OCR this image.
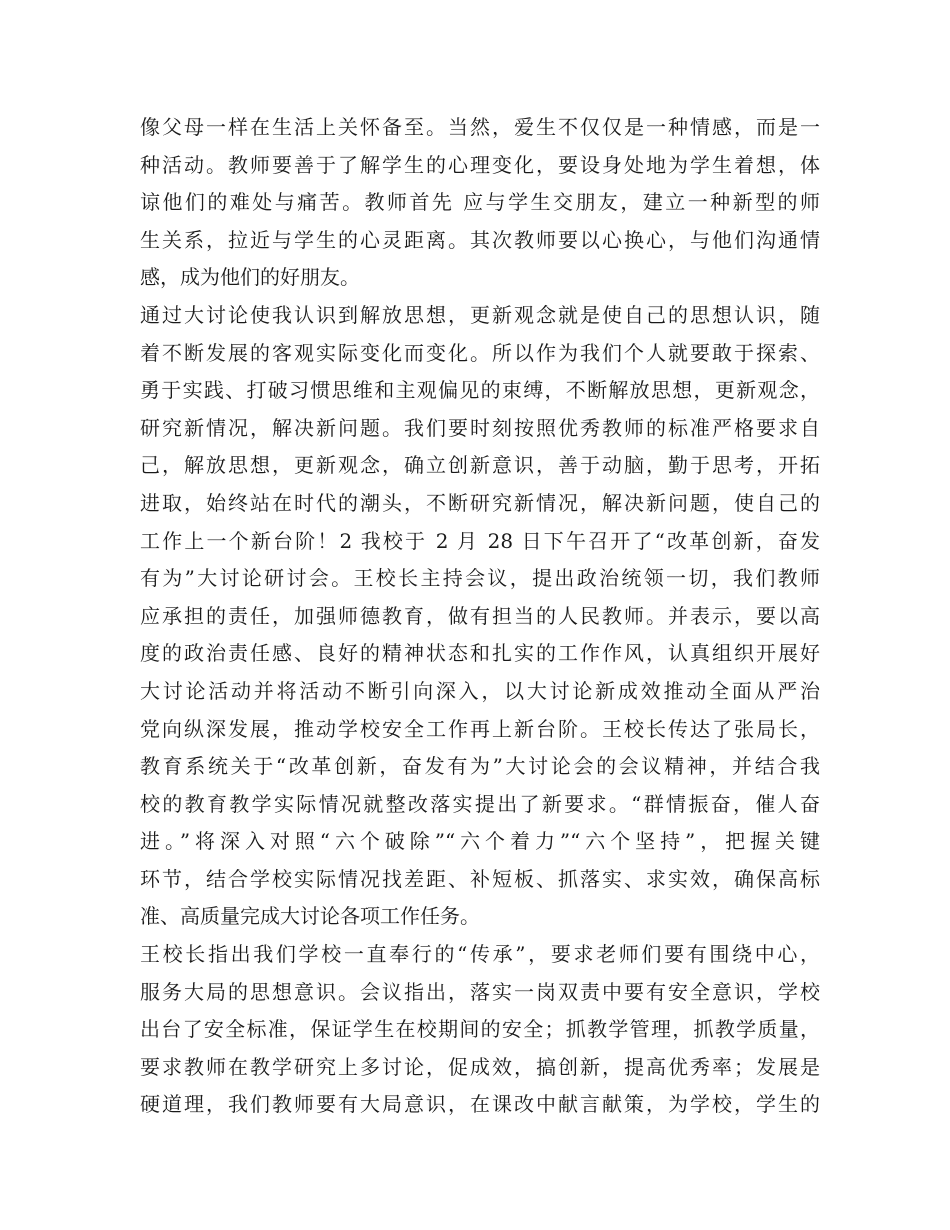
像父母一样在生活上关怀备至。当然，爱生不仅仅是一种情感，而是一
种活动。教师要善于了解学生的心理变化，要设身处地为学生着想，体
谅他们的难处与痛苦。教师首先 应与学生交朋友，建立一种新型的师
生关系，拉近与学生的心灵距离。其次教师要以心换心，与他们沟通情
感，成为他们的好朋友。
通过大讨论使我认识到解放思想，更新观念就是使自己的思想认识，随
着不断发展的客观实际变化而变化。所以作为我们个人就要敢于探索、
勇于实践、打破习惯思维和主观偏见的束缚，不断解放思想，更新观念，
研究新情况，解决新问题。我们要时刻按照优秀教师的标准严格要求自
己，解放思想，更新观念，确立创新意识，善于动脑，勤于思考，开拓
进取，始终站在时代的潮头，不断研究新情况，解决新问题，使自己的
工作上一个新台阶！2 我校于 2 月 28 日下午召开了“改革创新，奋发
有为”大讨论研讨会。王校长主持会议，提出政治统领一切，我们教师
应承担的责任，加强师德教育，做有担当的人民教师。并表示，要以高
度的政治责任感、良好的精神状态和扎实的工作作风，认真组织开展好
大讨论活动并将活动不断引向深入，以大讨论新成效推动全面从严治
党向纵深发展，推动学校安全工作再上新台阶。王校长传达了张局长，
教育系统关于“改革创新，奋发有为”大讨论会的会议精神，并结合我
校的教育教学实际情况就整改落实提出了新要求。“群情振奋，催人奋
进。”将深入对照“六个破除”“六个着力”“六个坚持”，把握关键
环节，结合学校实际情况找差距、补短板、抓落实、求实效，确保高标
准、高质量完成大讨论各项工作任务。
王校长指出我们学校一直奉行的“传承”，要求老师们要有围绕中心，
服务大局的思想意识。会议指出，落实一岗双责中要有安全意识，学校
出台了安全标准，保证学生在校期间的安全；抓教学管理，抓教学质量，
要求教师在教学研究上多讨论，促成效，搞创新，提高优秀率；发展是
硬道理，我们教师要有大局意识，在课改中献言献策，为学校，学生的
